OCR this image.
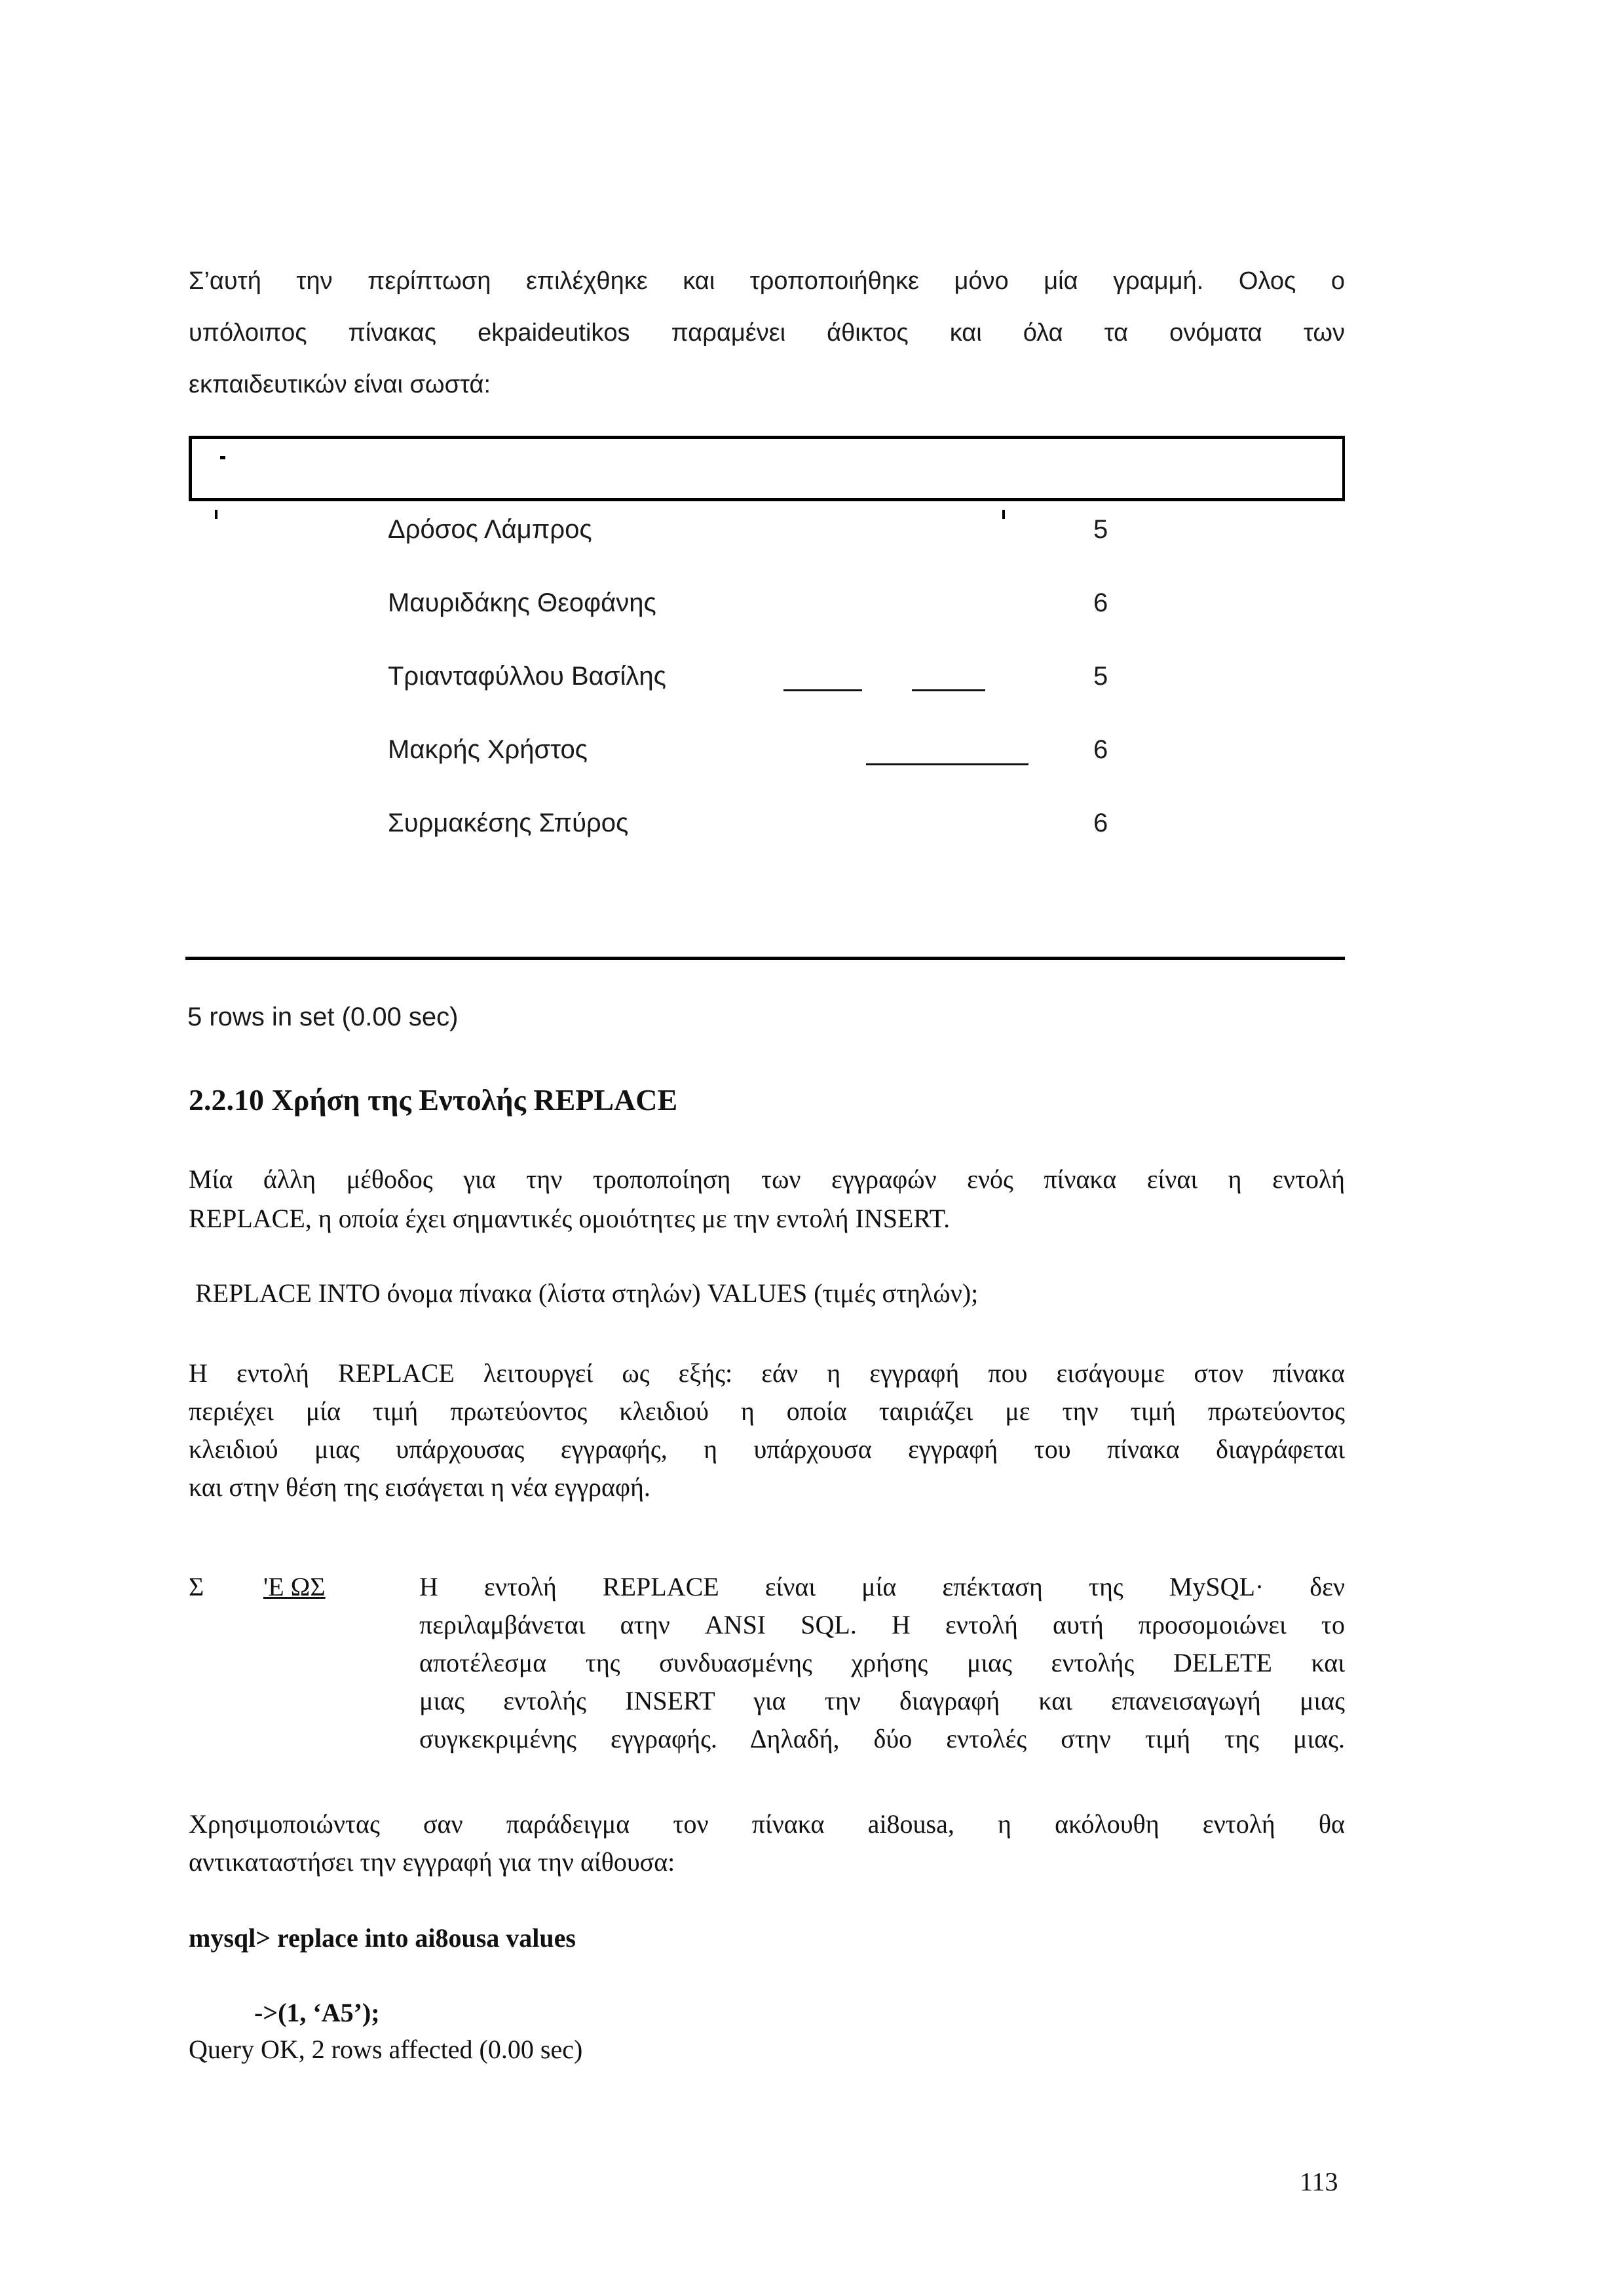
Σ’αυτή την περίπτωση επιλέχθηκε και τροποποιήθηκε μόνο μία γραμμή. Ολος ο

υπόλοιπος πίνακας ekpaideutikos παραμένει άθικτος και όλα τα ονόματα των

εκπαιδευτικών είναι σωστά:
Δρόσος Λάμπρος	5
Μαυριδάκης Θεοφάνης	6
Τριανταφύλλου Βασίλης	5
Μακρής Χρήστος	6
Συρμακέσης Σπύρος	6
5 rows in set (0.00 sec)
2.2.10 Χρήση της Εντολής REPLACE

Μία άλλη μέθοδος για την τροποποίηση των εγγραφών ενός πίνακα είναι η εντολή

REPLACE, η οποία έχει σημαντικές ομοιότητες με την εντολή INSERT.
REPLACE INTO όνομα πίνακα (λίστα στηλών) VALUES (τιμές στηλών);

Η εντολή REPLACE λειτουργεί ως εξής: εάν η εγγραφή που εισάγουμε στον πίνακα

περιέχει μία τιμή πρωτεύοντος κλειδιού η οποία ταιριάζει με την τιμή πρωτεύοντος

κλειδιού μιας υπάρχουσας εγγραφής, η υπάρχουσα εγγραφή του πίνακα διαγράφεται

και στην θέση της εισάγεται η νέα εγγραφή.
Σ 'Ε ΩΣ	Η εντολή REPLACE είναι μία επέκταση της MySQL· δεν
περιλαμβάνεται ατην ANSI SQL. Η εντολή αυτή προσομοιώνει το
αποτέλεσμα της συνδυασμένης χρήσης μιας εντολής DELETE και
μιας εντολής INSERT για την διαγραφή και επανεισαγωγή μιας
συγκεκριμένης εγγραφής. Δηλαδή, δύο εντολές στην τιμή της μιας.

Χρησιμοποιώντας σαν παράδειγμα τον πίνακα ai8ousa, η ακόλουθη εντολή θα

αντικαταστήσει την εγγραφή για την αίθουσα:
mysql> replace into ai8ousa values
->(1, ‘Α5’);
Query OK, 2 rows affected (0.00 sec)
113
